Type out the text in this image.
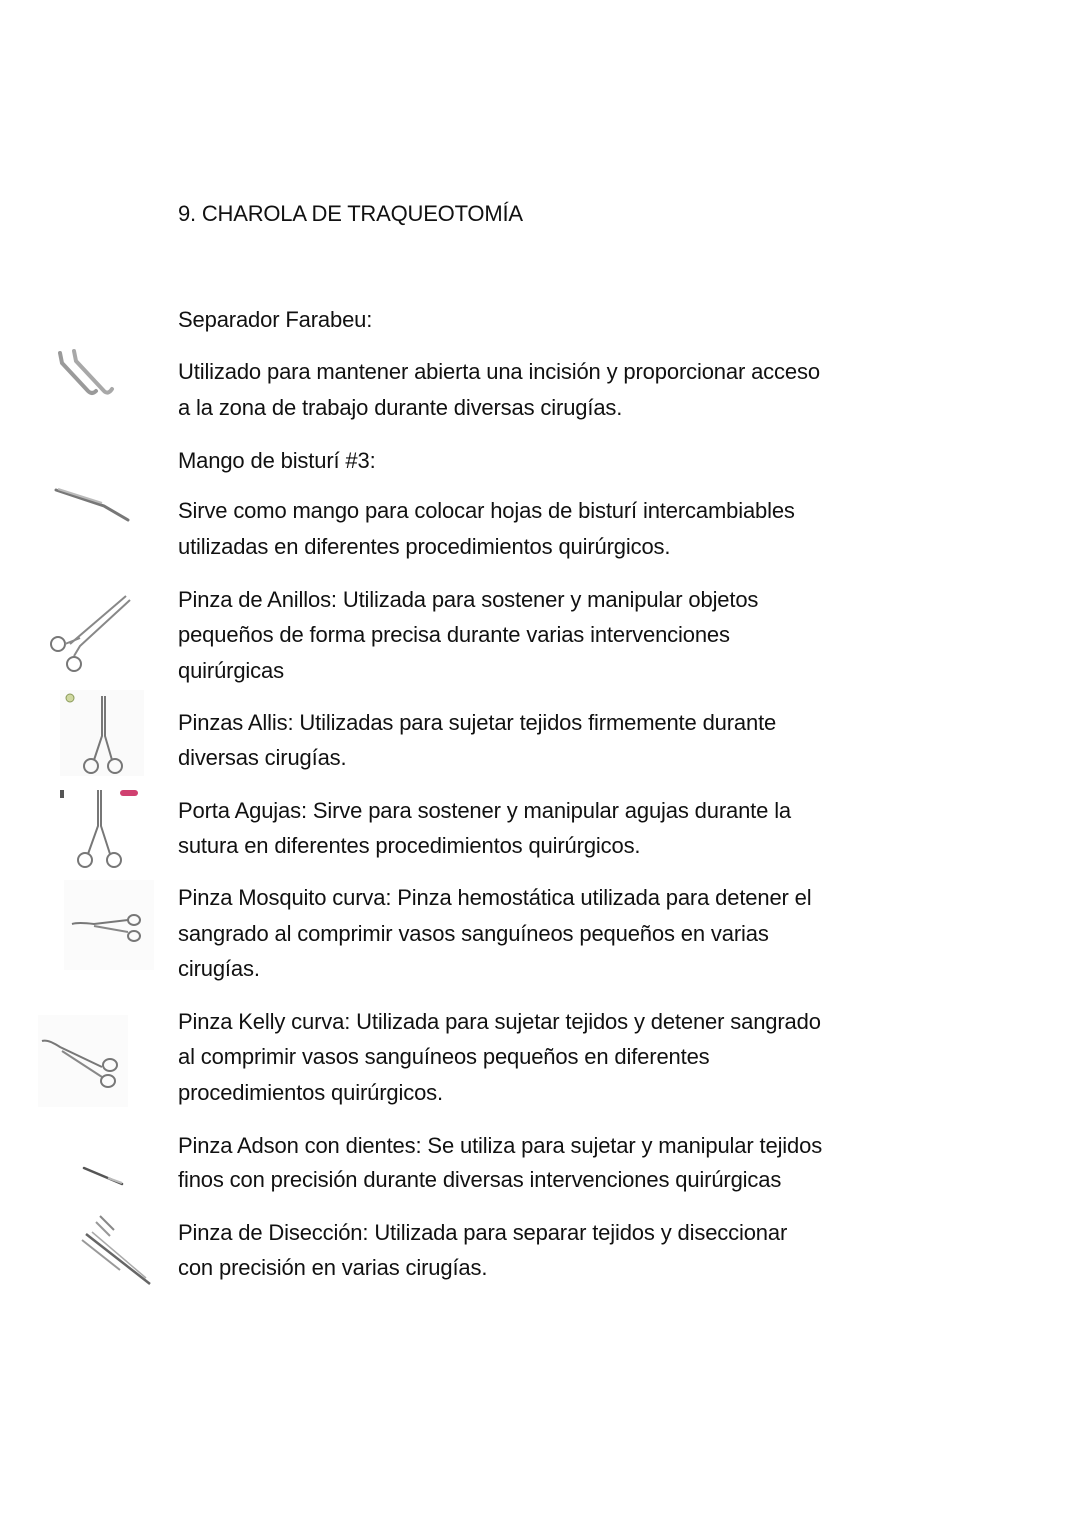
9. CHAROLA DE TRAQUEOTOMÍA
Separador Farabeu:
Utilizado para mantener abierta una incisión y proporcionar acceso
a la zona de trabajo durante diversas cirugías.
Mango de bisturí #3:
Sirve como mango para colocar hojas de bisturí intercambiables
utilizadas en diferentes procedimientos quirúrgicos.
Pinza de Anillos: Utilizada para sostener y manipular objetos
pequeños de forma precisa durante varias intervenciones
quirúrgicas
Pinzas Allis: Utilizadas para sujetar tejidos firmemente durante
diversas cirugías.
Porta Agujas: Sirve para sostener y manipular agujas durante la
sutura en diferentes procedimientos quirúrgicos.
Pinza Mosquito curva: Pinza hemostática utilizada para detener el
sangrado al comprimir vasos sanguíneos pequeños en varias
cirugías.
Pinza Kelly curva: Utilizada para sujetar tejidos y detener sangrado
al comprimir vasos sanguíneos pequeños en diferentes
procedimientos quirúrgicos.
Pinza Adson con dientes: Se utiliza para sujetar y manipular tejidos
finos con precisión durante diversas intervenciones quirúrgicas
Pinza de Disección: Utilizada para separar tejidos y diseccionar
con precisión en varias cirugías.
